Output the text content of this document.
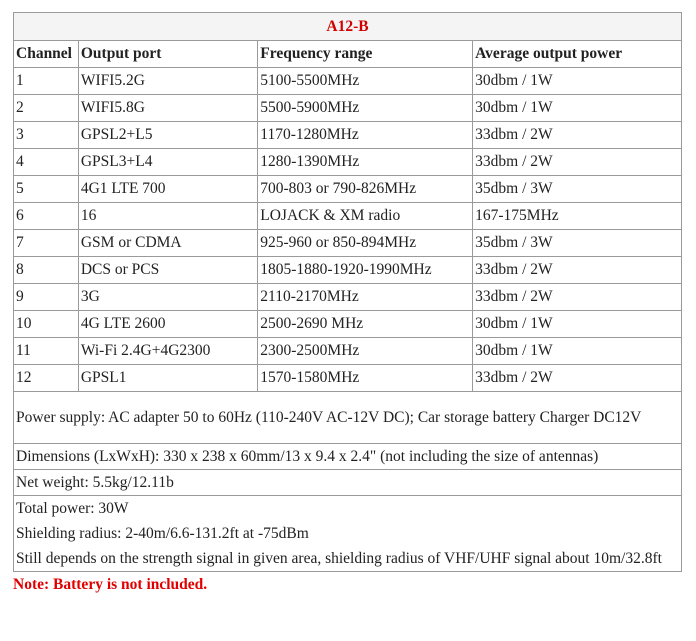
A12-B			
Channel	Output port	Frequency range	Average output power
1	WIFI5.2G	5100-5500MHz	30dbm / 1W
2	WIFI5.8G	5500-5900MHz	30dbm / 1W
3	GPSL2+L5	1170-1280MHz	33dbm / 2W
4	GPSL3+L4	1280-1390MHz	33dbm / 2W
5	4G1 LTE 700	700-803 or 790-826MHz	35dbm / 3W
6	16	LOJACK & XM radio	167-175MHz
7	GSM or CDMA	925-960 or 850-894MHz	35dbm / 3W
8	DCS or PCS	1805-1880-1920-1990MHz	33dbm / 2W
9	3G	2110-2170MHz	33dbm / 2W
10	4G LTE 2600	2500-2690 MHz	30dbm / 1W
11	Wi-Fi 2.4G+4G2300	2300-2500MHz	30dbm / 1W
12	GPSL1	1570-1580MHz	33dbm / 2W
Power supply: AC adapter 50 to 60Hz (110-240V AC-12V DC); Car storage battery Charger DC12V			
Dimensions (LxWxH): 330 x 238 x 60mm/13 x 9.4 x 2.4" (not including the size of antennas)			
Net weight: 5.5kg/12.11b			

Total power: 30W
Shielding radius: 2-40m/6.6-131.2ft at -75dBm
Still depends on the strength signal in given area, shielding radius of VHF/UHF signal about 10m/32.8ft			
Note: Battery is not included.
